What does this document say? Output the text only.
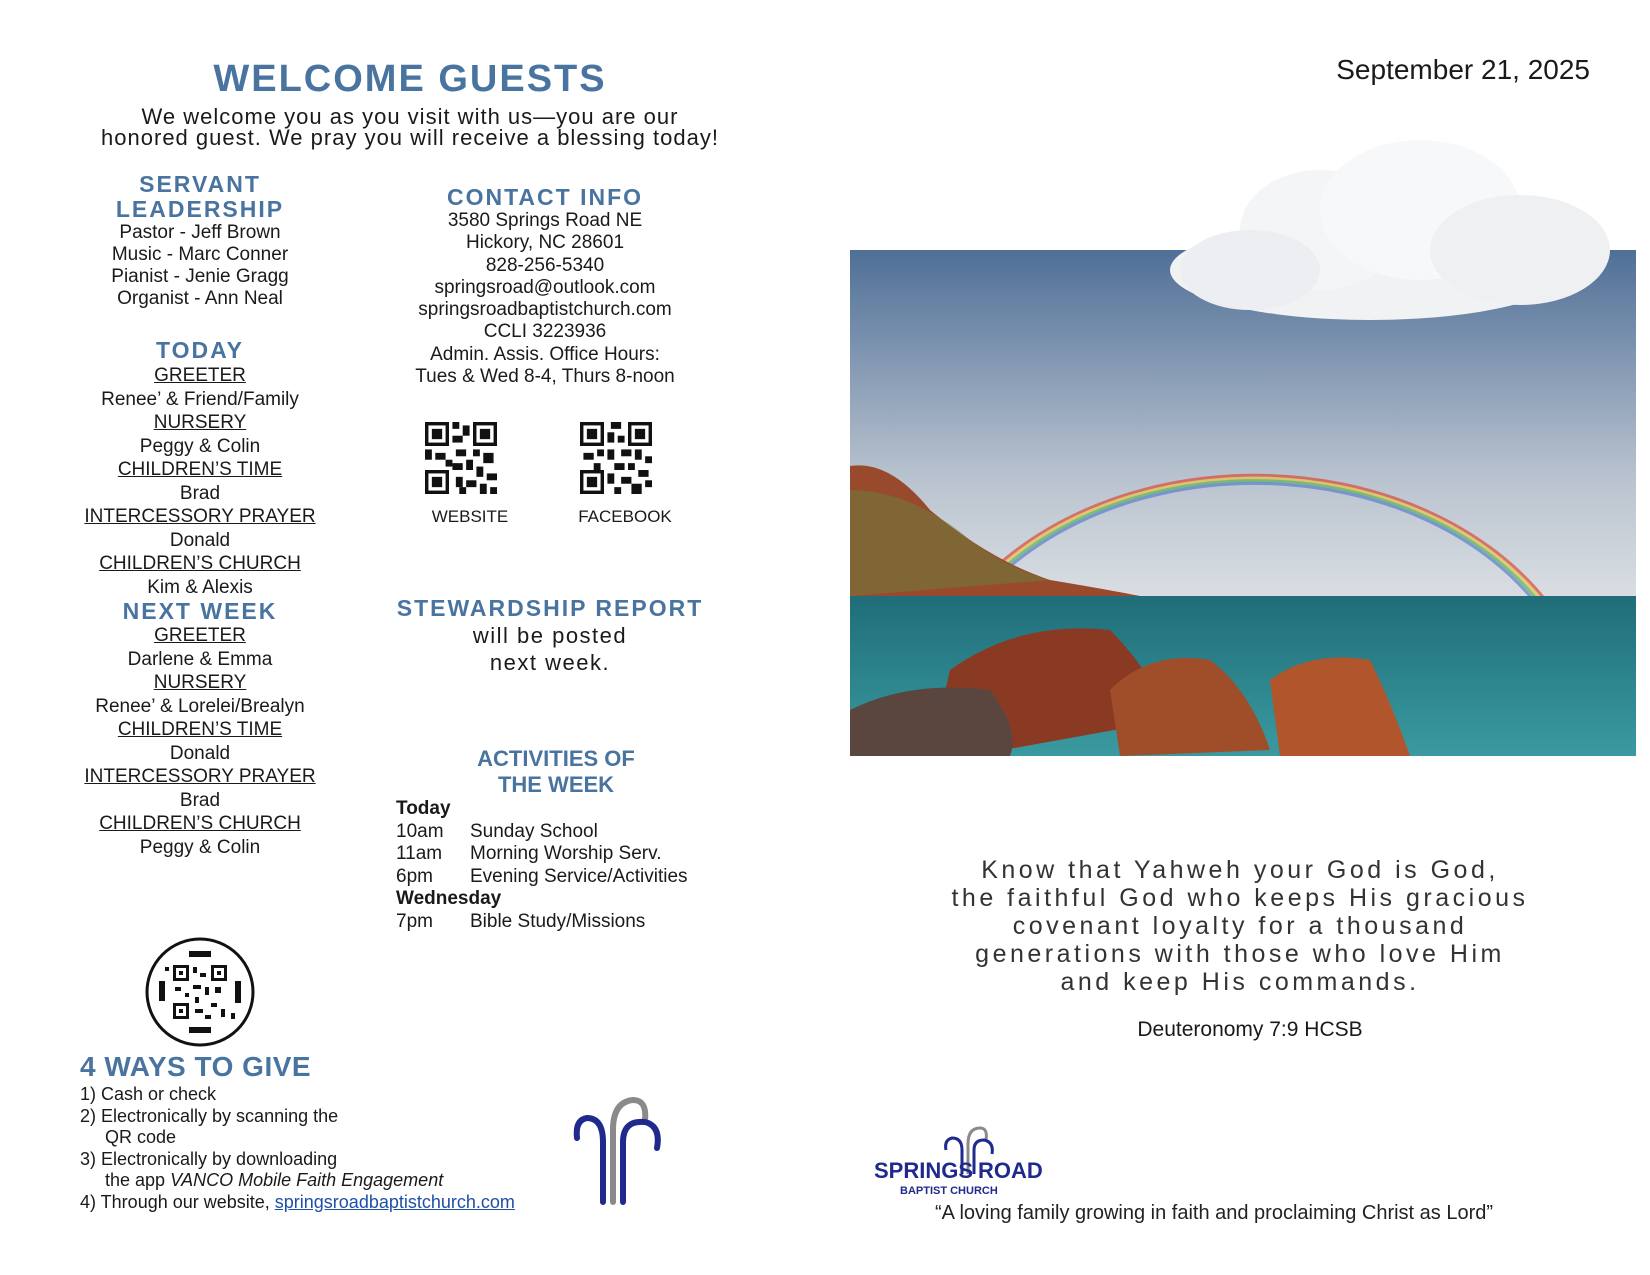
WELCOME GUESTS
We welcome you as you visit with us—you are our
honored guest. We pray you will receive a blessing today!
SERVANT
LEADERSHIP
Pastor - Jeff Brown
Music - Marc Conner
Pianist - Jenie Gragg
Organist - Ann Neal
TODAY
GREETER
Renee’ & Friend/Family
NURSERY
Peggy & Colin
CHILDREN’S TIME
Brad
INTERCESSORY PRAYER
Donald
CHILDREN’S CHURCH
Kim & Alexis
NEXT WEEK
GREETER
Darlene & Emma
NURSERY
Renee’ & Lorelei/Brealyn
CHILDREN’S TIME
Donald
INTERCESSORY PRAYER
Brad
CHILDREN’S CHURCH
Peggy & Colin
CONTACT INFO
3580 Springs Road NE
Hickory, NC 28601
828-256-5340
springsroad@outlook.com
springsroadbaptistchurch.com
CCLI 3223936
Admin. Assis. Office Hours:
Tues & Wed 8-4, Thurs 8-noon
WEBSITE	FACEBOOK
STEWARDSHIP REPORT
will be posted
next week.
ACTIVITIES OF
THE WEEK
Today
10am	Sunday School
11am	Morning Worship Serv.
6pm	Evening Service/Activities
Wednesday
7pm	Bible Study/Missions
4 WAYS TO GIVE
1) Cash or check
2) Electronically by scanning the
QR code
3) Electronically by downloading
the app VANCO Mobile Faith Engagement
4) Through our website, springsroadbaptistchurch.com
September 21, 2025
Know that Yahweh your God is God,
the faithful God who keeps His gracious
covenant loyalty for a thousand
generations with those who love Him
and keep His commands.
Deuteronomy 7:9 HCSB
SPRINGS ROAD
BAPTIST CHURCH
“A loving family growing in faith and proclaiming Christ as Lord”
